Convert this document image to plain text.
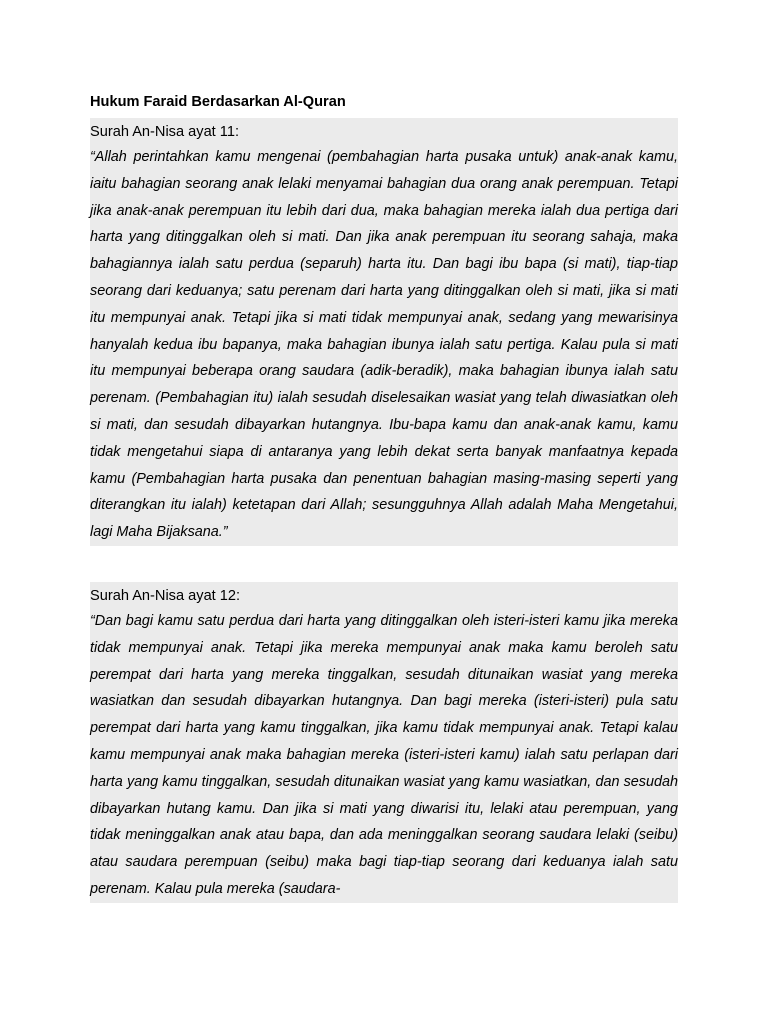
Hukum Faraid Berdasarkan Al-Quran
Surah An-Nisa ayat 11:

“Allah perintahkan kamu mengenai (pembahagian harta pusaka untuk) anak-anak kamu, iaitu bahagian seorang anak lelaki menyamai bahagian dua orang anak perempuan. Tetapi jika anak-anak perempuan itu lebih dari dua, maka bahagian mereka ialah dua pertiga dari harta yang ditinggalkan oleh si mati. Dan jika anak perempuan itu seorang sahaja, maka bahagiannya ialah satu perdua (separuh) harta itu. Dan bagi ibu bapa (si mati), tiap-tiap seorang dari keduanya; satu perenam dari harta yang ditinggalkan oleh si mati, jika si mati itu mempunyai anak. Tetapi jika si mati tidak mempunyai anak, sedang yang mewarisinya hanyalah kedua ibu bapanya, maka bahagian ibunya ialah satu pertiga. Kalau pula si mati itu mempunyai beberapa orang saudara (adik-beradik), maka bahagian ibunya ialah satu perenam. (Pembahagian itu) ialah sesudah diselesaikan wasiat yang telah diwasiatkan oleh si mati, dan sesudah dibayarkan hutangnya. Ibu-bapa kamu dan anak-anak kamu, kamu tidak mengetahui siapa di antaranya yang lebih dekat serta banyak manfaatnya kepada kamu (Pembahagian harta pusaka dan penentuan bahagian masing-masing seperti yang diterangkan itu ialah) ketetapan dari Allah; sesungguhnya Allah adalah Maha Mengetahui, lagi Maha Bijaksana.”

Surah An-Nisa ayat 12:

“Dan bagi kamu satu perdua dari harta yang ditinggalkan oleh isteri-isteri kamu jika mereka tidak mempunyai anak. Tetapi jika mereka mempunyai anak maka kamu beroleh satu perempat dari harta yang mereka tinggalkan, sesudah ditunaikan wasiat yang mereka wasiatkan dan sesudah dibayarkan hutangnya. Dan bagi mereka (isteri-isteri) pula satu perempat dari harta yang kamu tinggalkan, jika kamu tidak mempunyai anak. Tetapi kalau kamu mempunyai anak maka bahagian mereka (isteri-isteri kamu) ialah satu perlapan dari harta yang kamu tinggalkan, sesudah ditunaikan wasiat yang kamu wasiatkan, dan sesudah dibayarkan hutang kamu. Dan jika si mati yang diwarisi itu, lelaki atau perempuan, yang tidak meninggalkan anak atau bapa, dan ada meninggalkan seorang saudara lelaki (seibu) atau saudara perempuan (seibu) maka bagi tiap-tiap seorang dari keduanya ialah satu perenam. Kalau pula mereka (saudara-
